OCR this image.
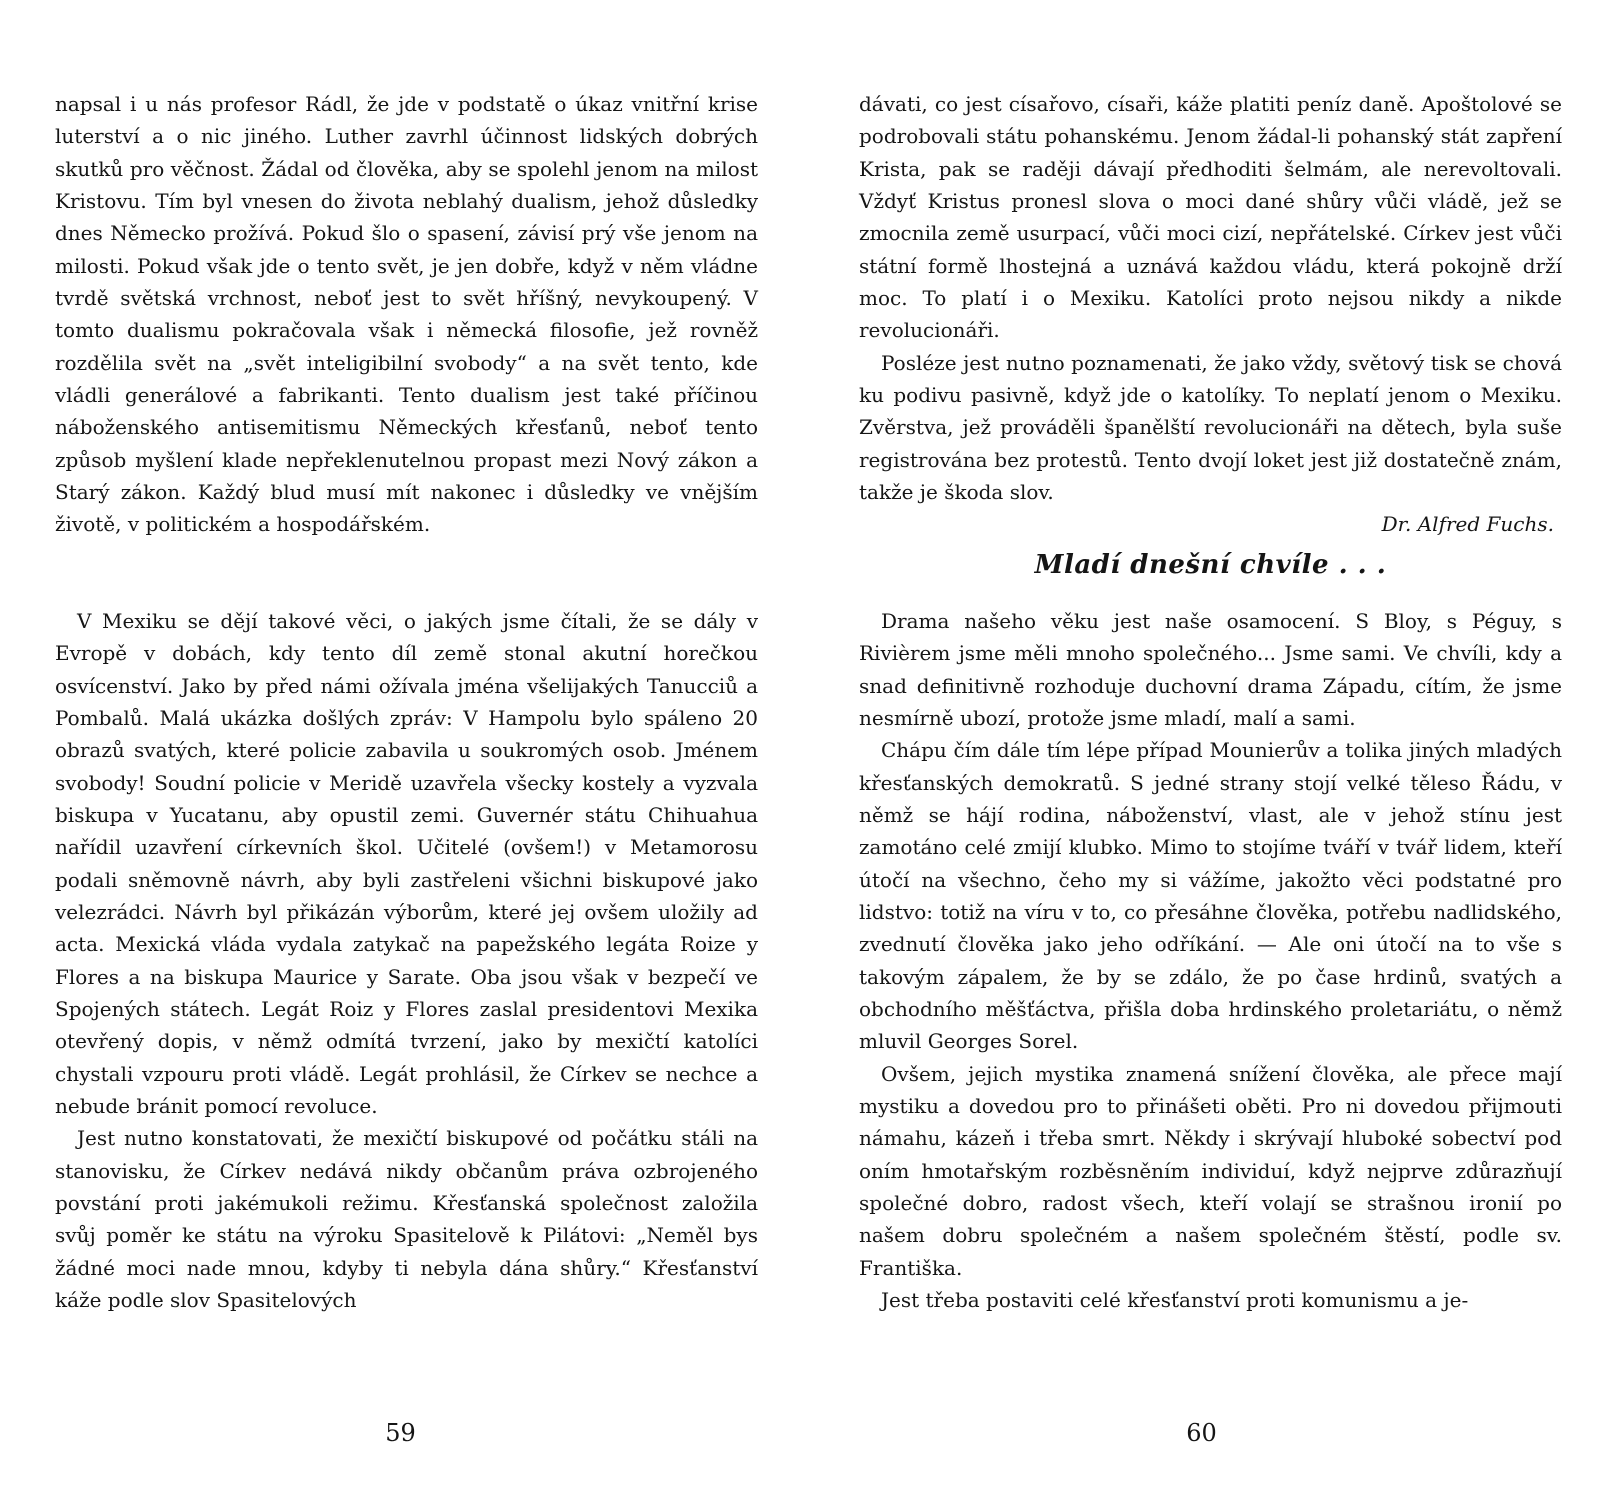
napsal i u nás profesor Rádl, že jde v podstatě o úkaz vnitřní krise luterství a o nic jiného. Luther zavrhl účinnost lidských dobrých skutků pro věčnost. Žádal od člověka, aby se spolehl jenom na milost Kristovu. Tím byl vnesen do života neblahý dualism, jehož důsledky dnes Německo prožívá. Pokud šlo o spasení, závisí prý vše jenom na milosti. Pokud však jde o tento svět, je jen dobře, když v něm vládne tvrdě světská vrchnost, neboť jest to svět hříšný, nevykoupený. V tomto dualismu pokračovala však i německá filosofie, jež rovněž rozdělila svět na „svět inteligibilní svobody“ a na svět tento, kde vládli generálové a fabrikanti. Tento dualism jest také příčinou náboženského antisemitismu Německých křesťanů, neboť tento způsob myšlení klade nepřeklenutelnou propast mezi Nový zákon a Starý zákon. Každý blud musí mít nakonec i důsledky ve vnějším životě, v politickém a hospodářském.

V Mexiku se dějí takové věci, o jakých jsme čítali, že se dály v Evropě v dobách, kdy tento díl země stonal akutní horečkou osvícenství. Jako by před námi ožívala jména všelijakých Tanucciů a Pombalů. Malá ukázka došlých zpráv: V Hampolu bylo spáleno 20 obrazů svatých, které policie zabavila u soukromých osob. Jménem svobody! Soudní policie v Meridě uzavřela všecky kostely a vyzvala biskupa v Yucatanu, aby opustil zemi. Guvernér státu Chihuahua nařídil uzavření církevních škol. Učitelé (ovšem!) v Metamorosu podali sněmovně návrh, aby byli zastřeleni všichni biskupové jako velezrádci. Návrh byl přikázán výborům, které jej ovšem uložily ad acta. Mexická vláda vydala zatykač na papežského legáta Roize y Flores a na biskupa Maurice y Sarate. Oba jsou však v bezpečí ve Spojených státech. Legát Roiz y Flores zaslal presidentovi Mexika otevřený dopis, v němž odmítá tvrzení, jako by mexičtí katolíci chystali vzpouru proti vládě. Legát prohlásil, že Církev se nechce a nebude bránit pomocí revoluce.

Jest nutno konstatovati, že mexičtí biskupové od počátku stáli na stanovisku, že Církev nedává nikdy občanům práva ozbrojeného povstání proti jakémukoli režimu. Křesťanská společnost založila svůj poměr ke státu na výroku Spasitelově k Pilátovi: „Neměl bys žádné moci nade mnou, kdyby ti nebyla dána shůry.“ Křesťanství káže podle slov Spasitelových

59

dávati, co jest císařovo, císaři, káže platiti peníz daně. Apoštolové se podrobovali státu pohanskému. Jenom žádal-li pohanský stát zapření Krista, pak se raději dávají předhoditi šelmám, ale nerevoltovali. Vždyť Kristus pronesl slova o moci dané shůry vůči vládě, jež se zmocnila země usurpací, vůči moci cizí, nepřátelské. Církev jest vůči státní formě lhostejná a uznává každou vládu, která pokojně drží moc. To platí i o Mexiku. Katolíci proto nejsou nikdy a nikde revolucionáři.

Posléze jest nutno poznamenati, že jako vždy, světový tisk se chová ku podivu pasivně, když jde o katolíky. To neplatí jenom o Mexiku. Zvěrstva, jež prováděli španělští revolucionáři na dětech, byla suše registrována bez protestů. Tento dvojí loket jest již dostatečně znám, takže je škoda slov.

Dr. Alfred Fuchs.

Mladí dnešní chvíle . . .

Drama našeho věku jest naše osamocení. S Bloy, s Péguy, s Rivièrem jsme měli mnoho společného... Jsme sami. Ve chvíli, kdy a snad definitivně rozhoduje duchovní drama Západu, cítím, že jsme nesmírně ubozí, protože jsme mladí, malí a sami.

Chápu čím dále tím lépe případ Mounierův a tolika jiných mladých křesťanských demokratů. S jedné strany stojí velké těleso Řádu, v němž se hájí rodina, náboženství, vlast, ale v jehož stínu jest zamotáno celé zmijí klubko. Mimo to stojíme tváří v tvář lidem, kteří útočí na všechno, čeho my si vážíme, jakožto věci podstatné pro lidstvo: totiž na víru v to, co přesáhne člověka, potřebu nadlidského, zvednutí člověka jako jeho odříkání. — Ale oni útočí na to vše s takovým zápalem, že by se zdálo, že po čase hrdinů, svatých a obchodního měšťáctva, přišla doba hrdinského proletariátu, o němž mluvil Georges Sorel.

Ovšem, jejich mystika znamená snížení člověka, ale přece mají mystiku a dovedou pro to přinášeti oběti. Pro ni dovedou přijmouti námahu, kázeň i třeba smrt. Někdy i skrývají hluboké sobectví pod oním hmotařským rozběsněním individuí, když nejprve zdůrazňují společné dobro, radost všech, kteří volají se strašnou ironií po našem dobru společném a našem společném štěstí, podle sv. Františka.

Jest třeba postaviti celé křesťanství proti komunismu a je-

60
